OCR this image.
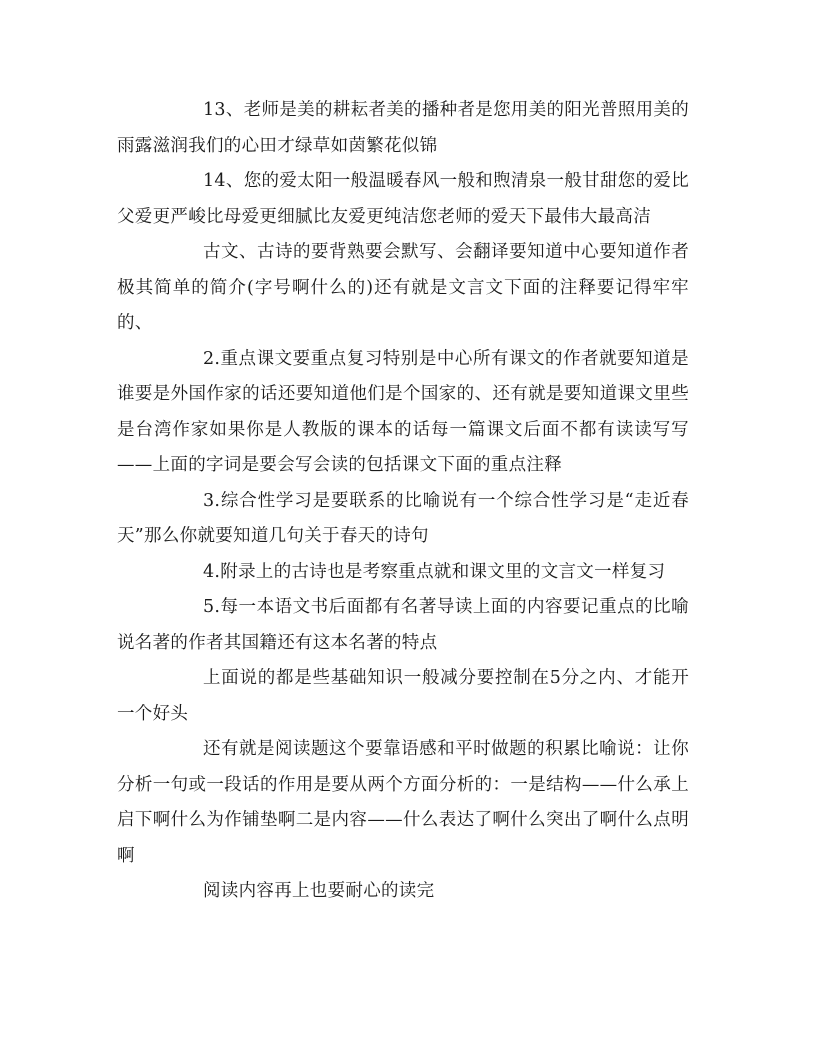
13、老师是美的耕耘者美的播种者是您用美的阳光普照用美的雨露滋润我们的心田才绿草如茵繁花似锦

14、您的爱太阳一般温暖春风一般和煦清泉一般甘甜您的爱比父爱更严峻比母爱更细腻比友爱更纯洁您老师的爱天下最伟大最高洁

古文、古诗的要背熟要会默写、会翻译要知道中心要知道作者极其简单的简介(字号啊什么的)还有就是文言文下面的注释要记得牢牢的、

2.重点课文要重点复习特别是中心所有课文的作者就要知道是谁要是外国作家的话还要知道他们是个国家的、还有就是要知道课文里些是台湾作家如果你是人教版的课本的话每一篇课文后面不都有读读写写——上面的字词是要会写会读的包括课文下面的重点注释

3.综合性学习是要联系的比喻说有一个综合性学习是“走近春天”那么你就要知道几句关于春天的诗句

4.附录上的古诗也是考察重点就和课文里的文言文一样复习

5.每一本语文书后面都有名著导读上面的内容要记重点的比喻说名著的作者其国籍还有这本名著的特点

上面说的都是些基础知识一般减分要控制在5分之内、才能开一个好头

还有就是阅读题这个要靠语感和平时做题的积累比喻说：让你分析一句或一段话的作用是要从两个方面分析的：一是结构——什么承上启下啊什么为作铺垫啊二是内容——什么表达了啊什么突出了啊什么点明啊

阅读内容再上也要耐心的读完
